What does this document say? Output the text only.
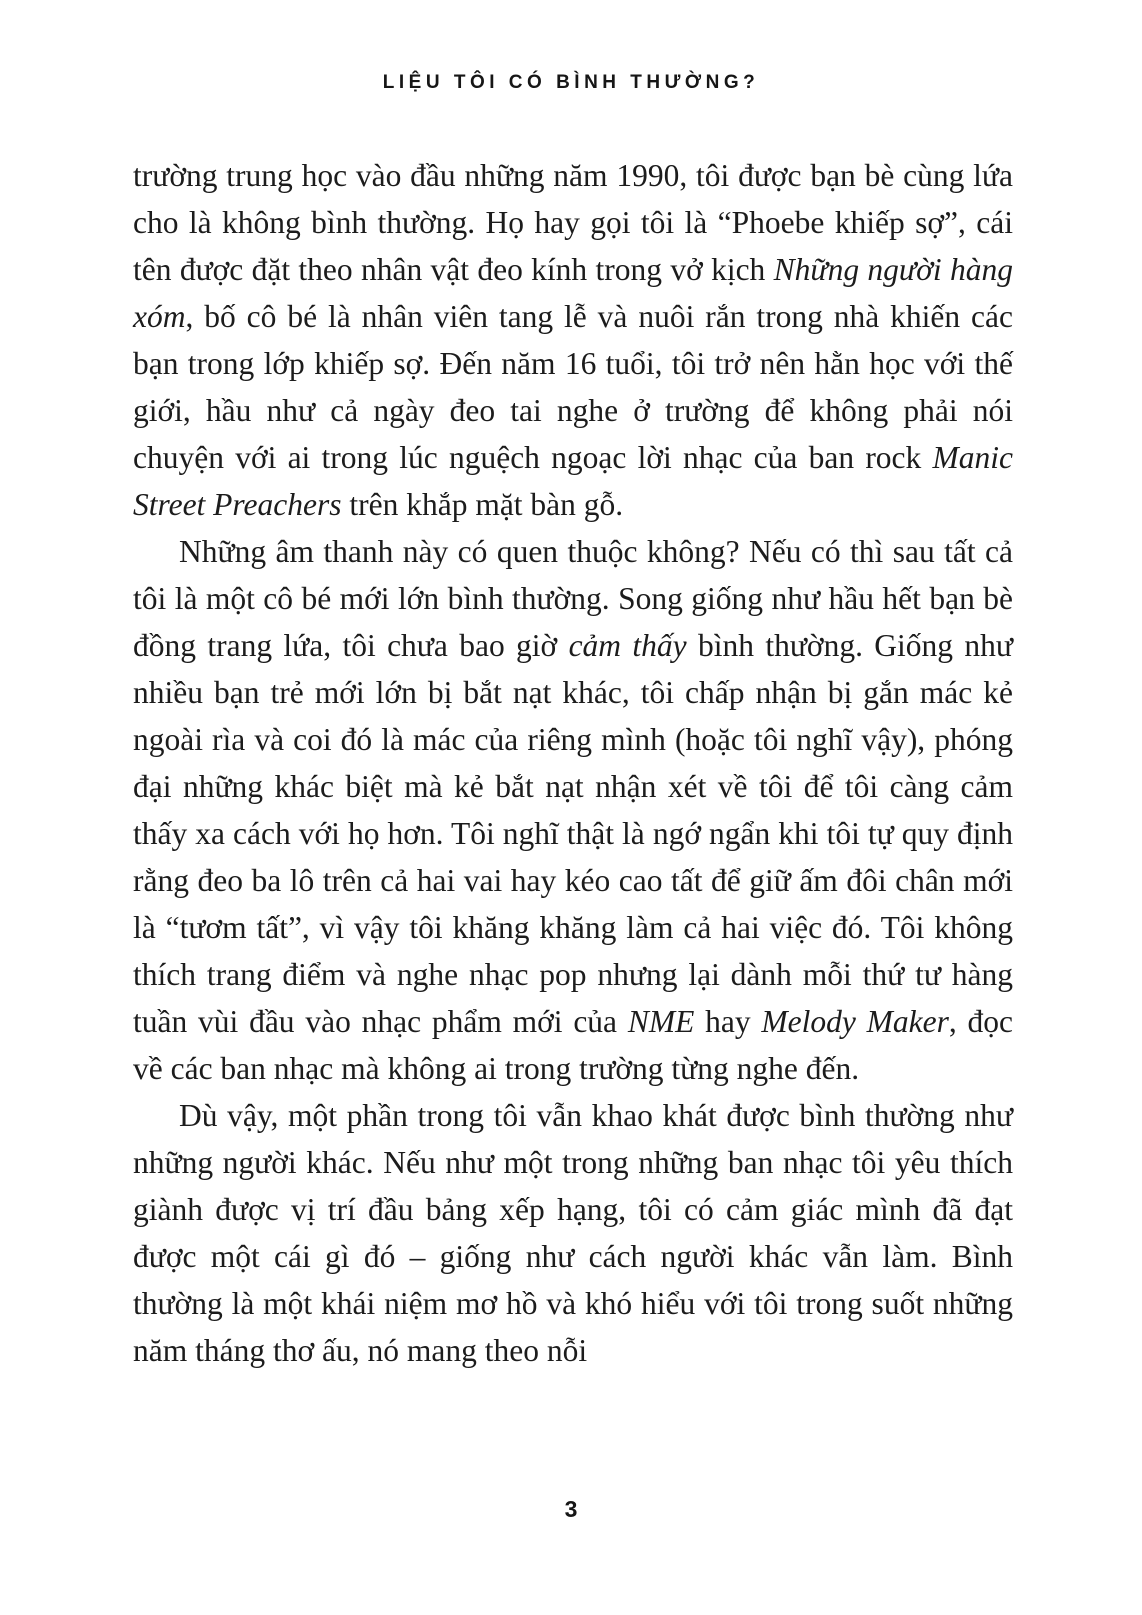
LIỆU TÔI CÓ BÌNH THƯỜNG?

trường trung học vào đầu những năm 1990, tôi được bạn bè cùng lứa cho là không bình thường. Họ hay gọi tôi là “Phoebe khiếp sợ”, cái tên được đặt theo nhân vật đeo kính trong vở kịch Những người hàng xóm, bố cô bé là nhân viên tang lễ và nuôi rắn trong nhà khiến các bạn trong lớp khiếp sợ. Đến năm 16 tuổi, tôi trở nên hằn học với thế giới, hầu như cả ngày đeo tai nghe ở trường để không phải nói chuyện với ai trong lúc nguệch ngoạc lời nhạc của ban rock Manic Street Preachers trên khắp mặt bàn gỗ.

Những âm thanh này có quen thuộc không? Nếu có thì sau tất cả tôi là một cô bé mới lớn bình thường. Song giống như hầu hết bạn bè đồng trang lứa, tôi chưa bao giờ cảm thấy bình thường. Giống như nhiều bạn trẻ mới lớn bị bắt nạt khác, tôi chấp nhận bị gắn mác kẻ ngoài rìa và coi đó là mác của riêng mình (hoặc tôi nghĩ vậy), phóng đại những khác biệt mà kẻ bắt nạt nhận xét về tôi để tôi càng cảm thấy xa cách với họ hơn. Tôi nghĩ thật là ngớ ngẩn khi tôi tự quy định rằng đeo ba lô trên cả hai vai hay kéo cao tất để giữ ấm đôi chân mới là “tươm tất”, vì vậy tôi khăng khăng làm cả hai việc đó. Tôi không thích trang điểm và nghe nhạc pop nhưng lại dành mỗi thứ tư hàng tuần vùi đầu vào nhạc phẩm mới của NME hay Melody Maker, đọc về các ban nhạc mà không ai trong trường từng nghe đến.

Dù vậy, một phần trong tôi vẫn khao khát được bình thường như những người khác. Nếu như một trong những ban nhạc tôi yêu thích giành được vị trí đầu bảng xếp hạng, tôi có cảm giác mình đã đạt được một cái gì đó – giống như cách người khác vẫn làm. Bình thường là một khái niệm mơ hồ và khó hiểu với tôi trong suốt những năm tháng thơ ấu, nó mang theo nỗi

3
